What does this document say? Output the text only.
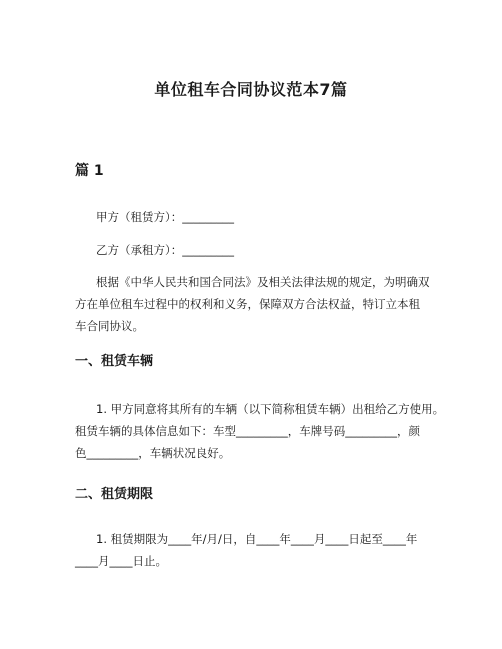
单位租车合同协议范本7篇
篇 1
甲方（租赁方）：_________
乙方（承租方）：_________
根据《中华人民共和国合同法》及相关法律法规的规定，为明确双
方在单位租车过程中的权利和义务，保障双方合法权益，特订立本租
车合同协议。
一、租赁车辆
1. 甲方同意将其所有的车辆（以下简称租赁车辆）出租给乙方使用。
租赁车辆的具体信息如下：车型_________，车牌号码_________，颜
色_________，车辆状况良好。
二、租赁期限
1. 租赁期限为____年/月/日，自____年____月____日起至____年
____月____日止。
